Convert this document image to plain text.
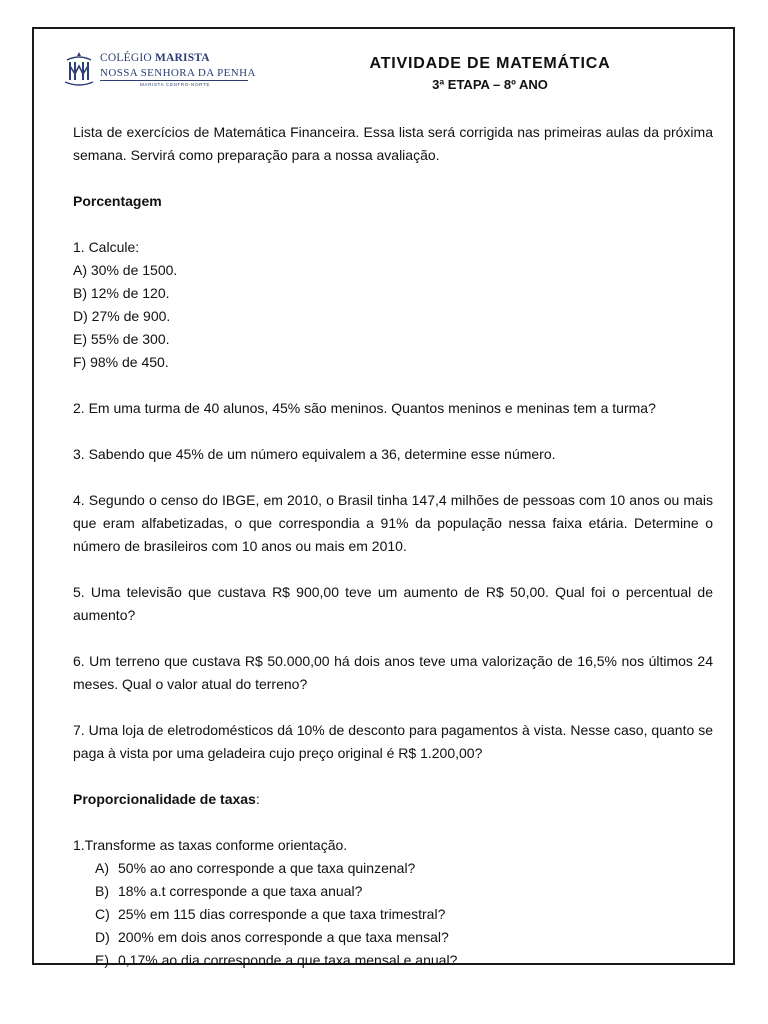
COLÉGIO MARISTA
NOSSA SENHORA DA PENHA
MARISTA CENTRO-NORTE
ATIVIDADE DE MATEMÁTICA
3ª ETAPA – 8º ANO

Lista de exercícios de Matemática Financeira. Essa lista será corrigida nas primeiras aulas da próxima semana. Servirá como preparação para a nossa avaliação.

Porcentagem

1. Calcule:

A) 30% de 1500.

B) 12% de 120.

D) 27% de 900.

E) 55% de 300.

F) 98% de 450.

2. Em uma turma de 40 alunos, 45% são meninos. Quantos meninos e meninas tem a turma?

3. Sabendo que 45% de um número equivalem a 36, determine esse número.

4. Segundo o censo do IBGE, em 2010, o Brasil tinha 147,4 milhões de pessoas com 10 anos ou mais que eram alfabetizadas, o que correspondia a 91% da população nessa faixa etária. Determine o número de brasileiros com 10 anos ou mais em 2010.

5. Uma televisão que custava R$ 900,00 teve um aumento de R$ 50,00. Qual foi o percentual de aumento?

6. Um terreno que custava R$ 50.000,00 há dois anos teve uma valorização de 16,5% nos últimos 24 meses. Qual o valor atual do terreno?

7. Uma loja de eletrodomésticos dá 10% de desconto para pagamentos à vista. Nesse caso, quanto se paga à vista por uma geladeira cujo preço original é R$ 1.200,00?

Proporcionalidade de taxas:

1.Transforme as taxas conforme orientação.

A) 50% ao ano corresponde a que taxa quinzenal?
B) 18% a.t corresponde a que taxa anual?
C) 25% em 115 dias corresponde a que taxa trimestral?
D) 200% em dois anos corresponde a que taxa mensal?
E) 0,17% ao dia corresponde a que taxa mensal e anual?
